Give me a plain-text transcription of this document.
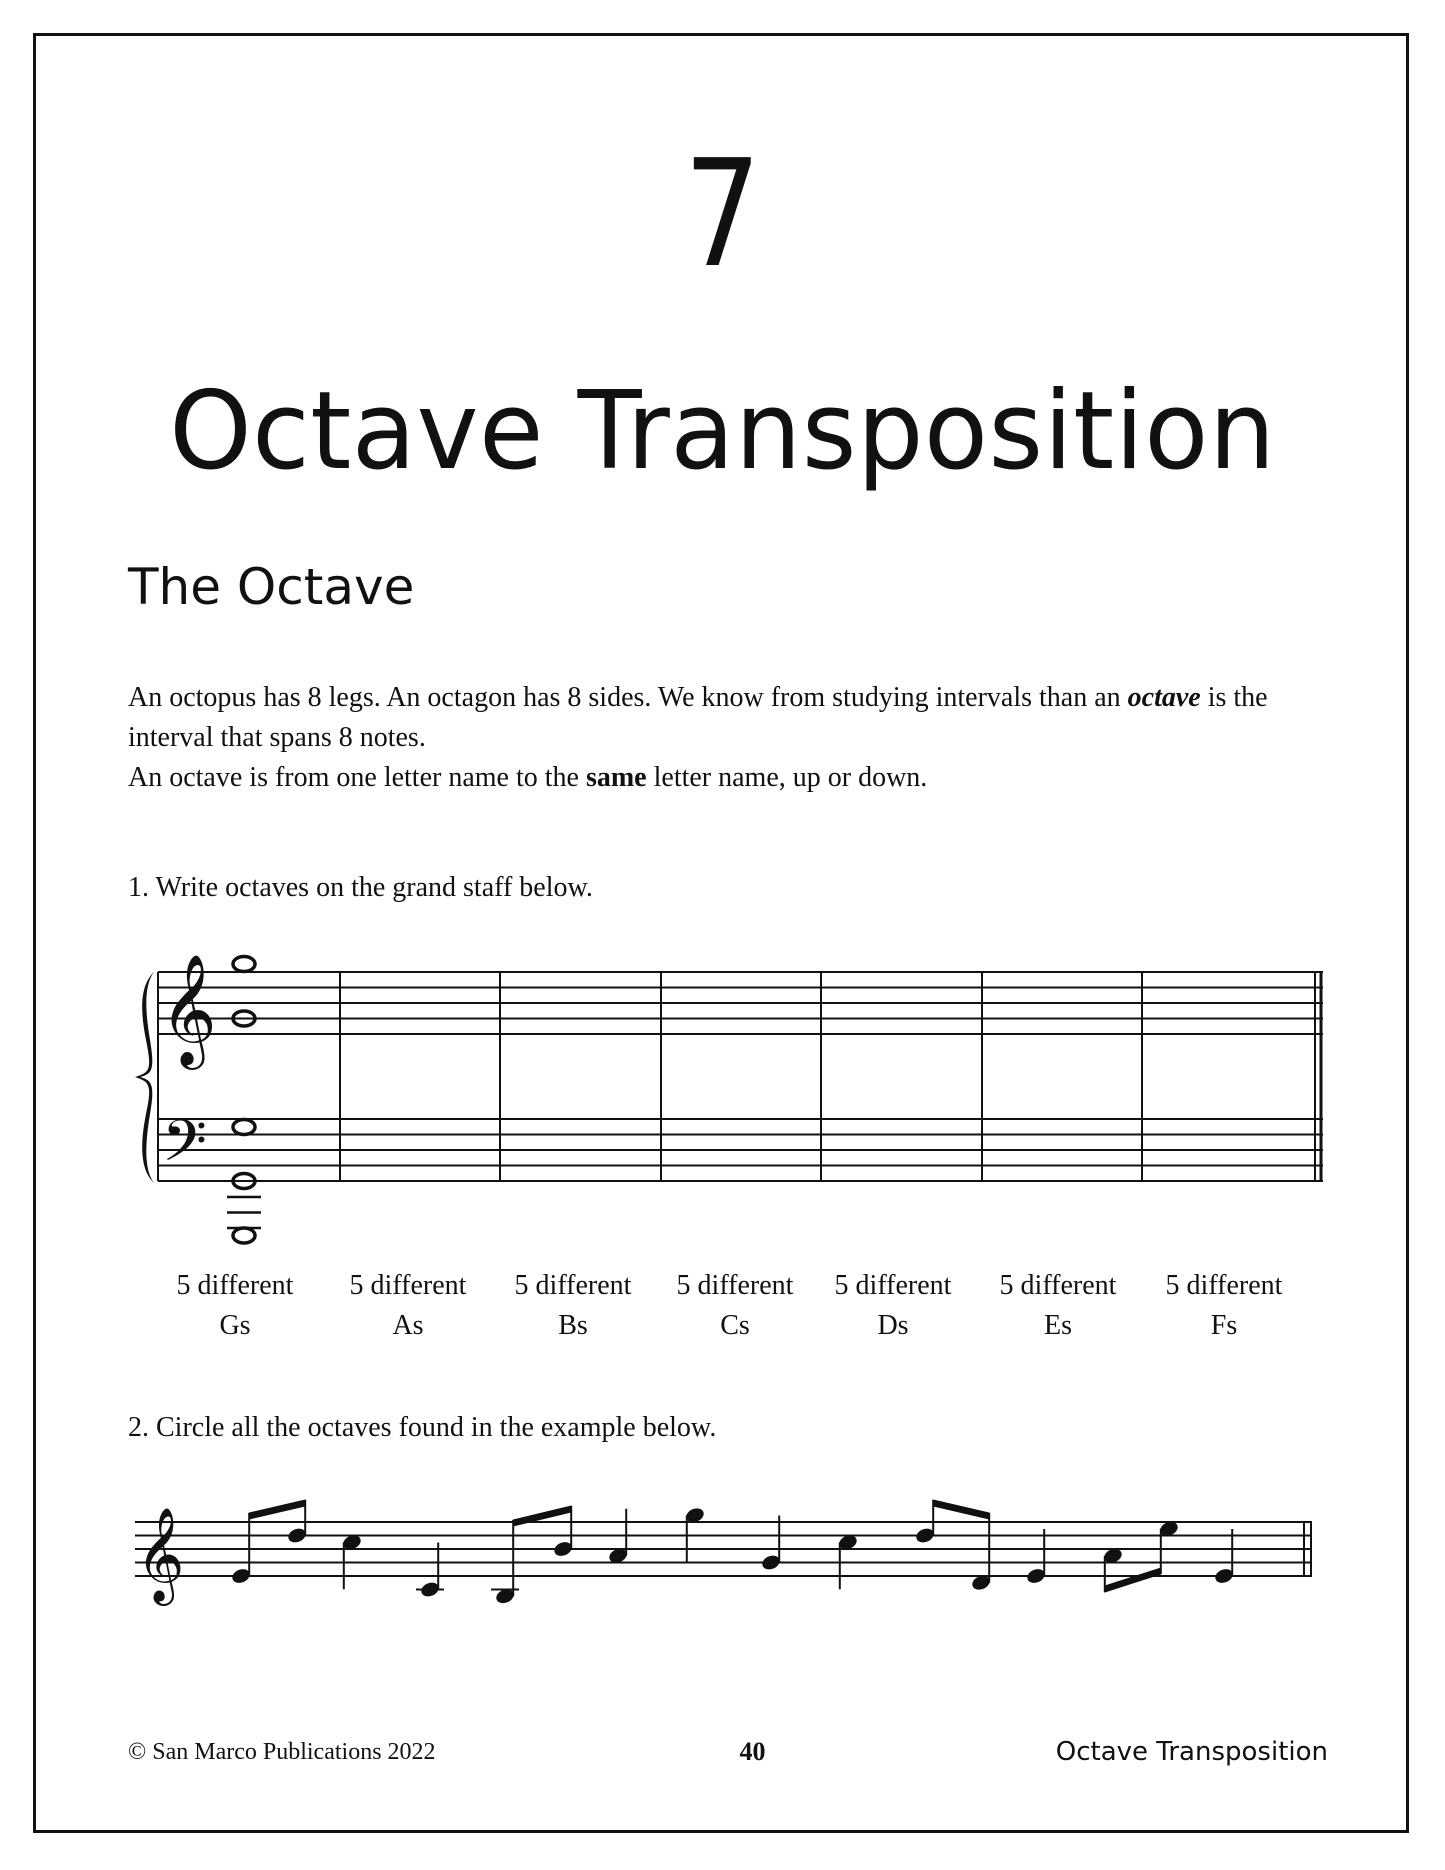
7
Octave Transposition
The Octave

An octopus has 8 legs. An octagon has 8 sides. We know from studying intervals than an octave is the interval that spans 8 notes.

An octave is from one letter name to the same letter name, up or down.

1. Write octaves on the grand staff below.
𝄞
𝄢
𝄞
5 different
Gs
5 different
As
5 different
Bs
5 different
Cs
5 different
Ds
5 different
Es
5 different
Fs
2. Circle all the octaves found in the example below.
© San Marco Publications 2022	40	Octave Transposition
